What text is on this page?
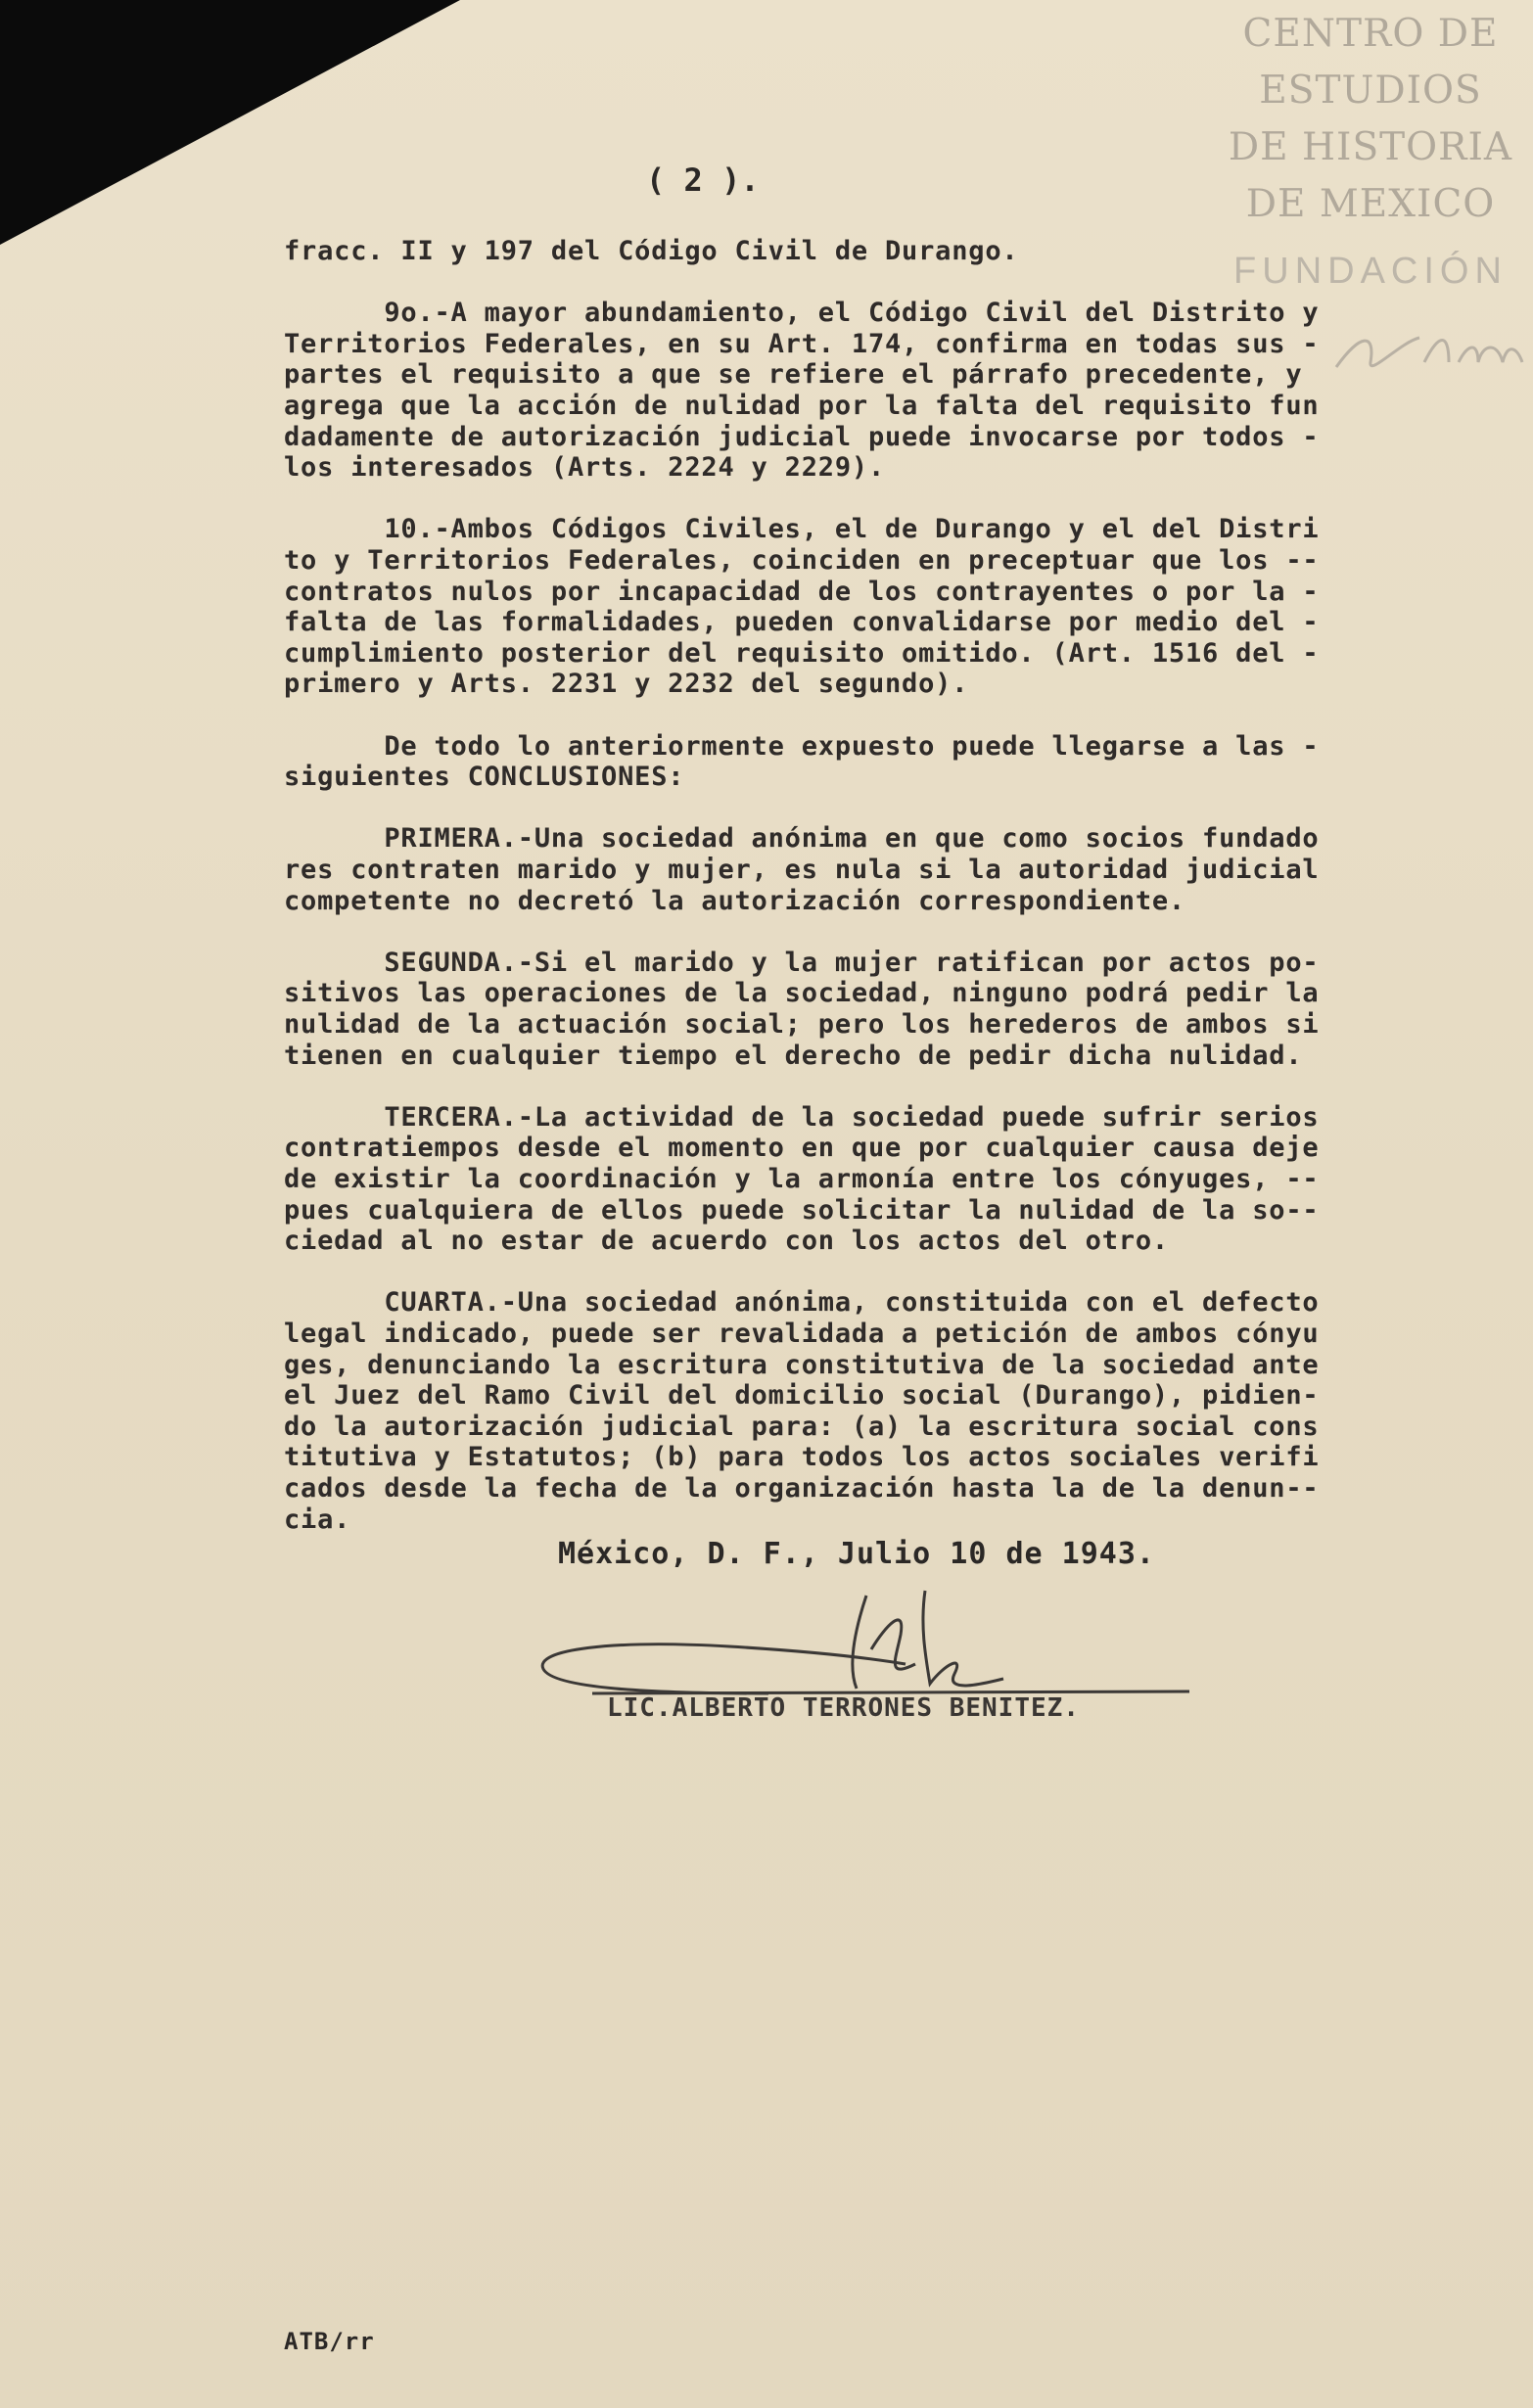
CENTRO DE
ESTUDIOS
DE HISTORIA
DE MEXICO
FUNDACIÓN
( 2 ).
fracc. II y 197 del Código Civil de Durango.
9o.-A mayor abundamiento, el Código Civil del Distrito y
Territorios Federales, en su Art. 174, confirma en todas sus -
partes el requisito a que se refiere el párrafo precedente, y
agrega que la acción de nulidad por la falta del requisito fun
dadamente de autorización judicial puede invocarse por todos -
los interesados (Arts. 2224 y 2229).
10.-Ambos Códigos Civiles, el de Durango y el del Distri
to y Territorios Federales, coinciden en preceptuar que los --
contratos nulos por incapacidad de los contrayentes o por la -
falta de las formalidades, pueden convalidarse por medio del -
cumplimiento posterior del requisito omitido. (Art. 1516 del -
primero y Arts. 2231 y 2232 del segundo).
De todo lo anteriormente expuesto puede llegarse a las -
siguientes CONCLUSIONES:
PRIMERA.-Una sociedad anónima en que como socios fundado
res contraten marido y mujer, es nula si la autoridad judicial
competente no decretó la autorización correspondiente.
SEGUNDA.-Si el marido y la mujer ratifican por actos po-
sitivos las operaciones de la sociedad, ninguno podrá pedir la
nulidad de la actuación social; pero los herederos de ambos si
tienen en cualquier tiempo el derecho de pedir dicha nulidad.
TERCERA.-La actividad de la sociedad puede sufrir serios
contratiempos desde el momento en que por cualquier causa deje
de existir la coordinación y la armonía entre los cónyuges, --
pues cualquiera de ellos puede solicitar la nulidad de la so--
ciedad al no estar de acuerdo con los actos del otro.
CUARTA.-Una sociedad anónima, constituida con el defecto
legal indicado, puede ser revalidada a petición de ambos cónyu
ges, denunciando la escritura constitutiva de la sociedad ante
el Juez del Ramo Civil del domicilio social (Durango), pidien-
do la autorización judicial para: (a) la escritura social cons
titutiva y Estatutos; (b) para todos los actos sociales verifi
cados desde la fecha de la organización hasta la de la denun--
cia.
México, D. F., Julio 10 de 1943.
LIC.ALBERTO TERRONES BENITEZ.
ATB/rr
